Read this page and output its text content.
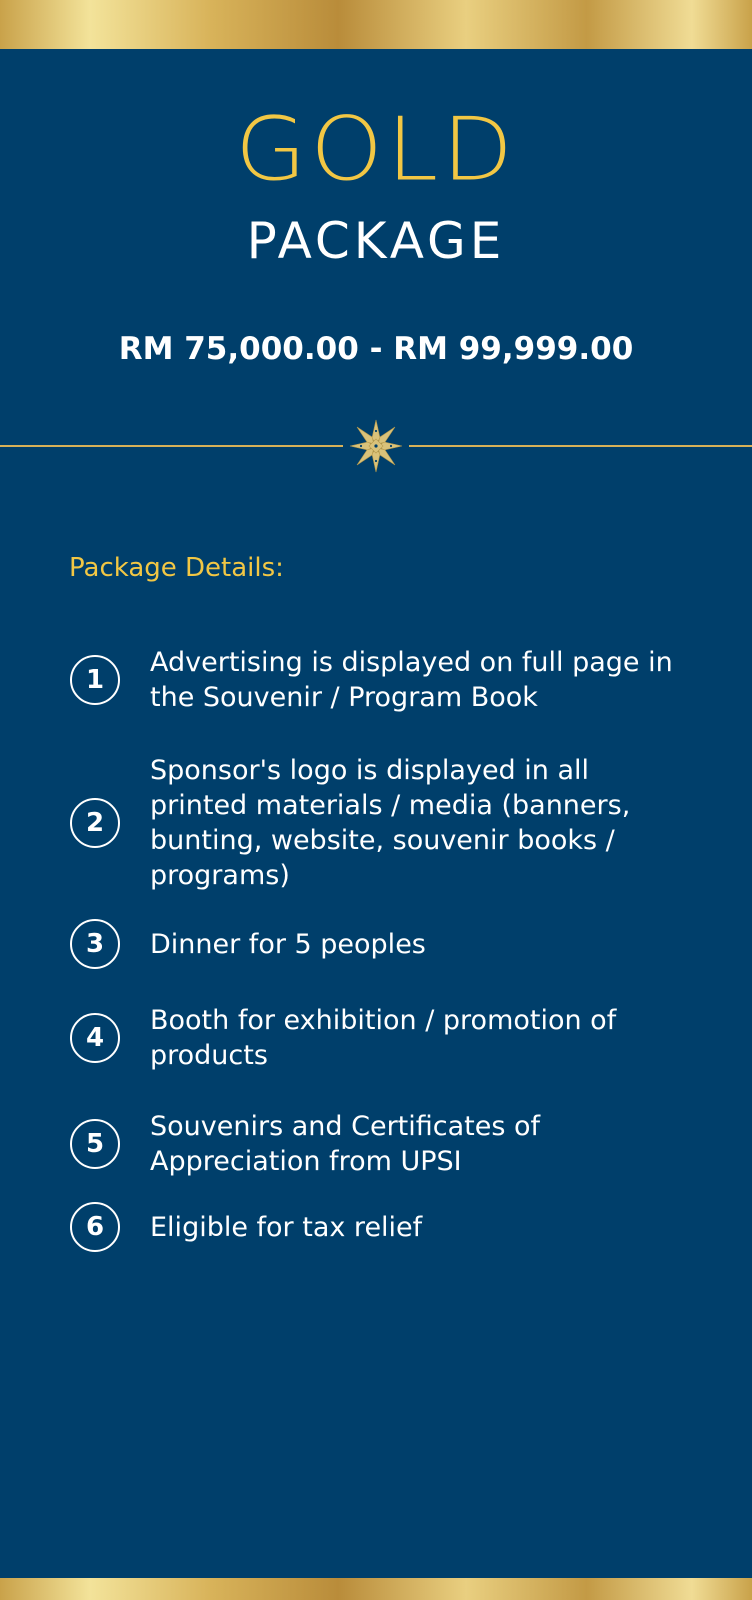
GOLD
PACKAGE
RM 75,000.00 - RM 99,999.00
Package Details:
1
Advertising is displayed on full page in the Souvenir / Program Book
2
Sponsor's logo is displayed in all printed materials / media (banners, bunting, website, souvenir books / programs)
3	Dinner for 5 peoples
4
Booth for exhibition / promotion of products
5
Souvenirs and Certificates of Appreciation from UPSI
6	Eligible for tax relief
